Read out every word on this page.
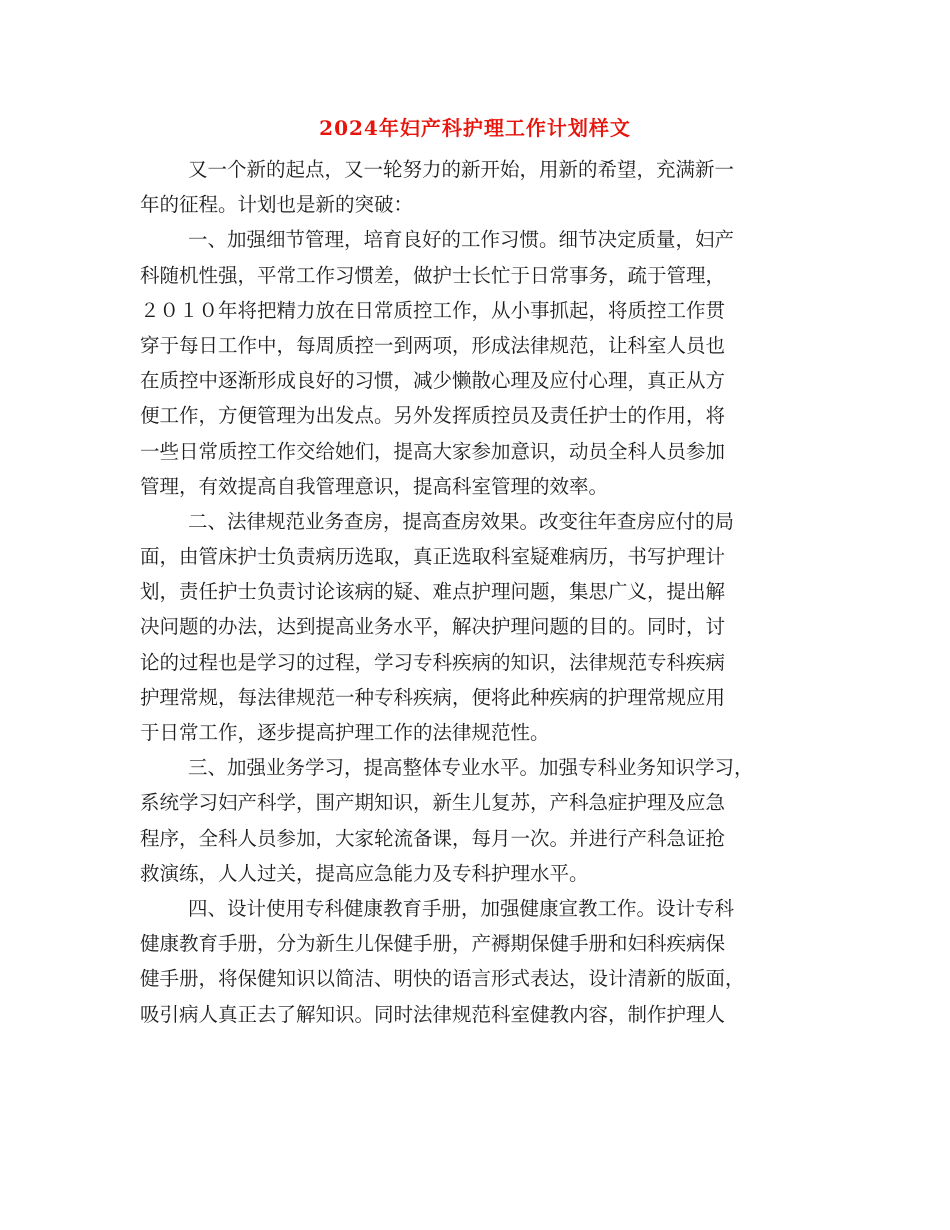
2024年妇产科护理工作计划样文
又一个新的起点，又一轮努力的新开始，用新的希望，充满新一
年的征程。计划也是新的突破：
一、加强细节管理，培育良好的工作习惯。细节决定质量，妇产
科随机性强，平常工作习惯差，做护士长忙于日常事务，疏于管理，
２０１０年将把精力放在日常质控工作，从小事抓起，将质控工作贯
穿于每日工作中，每周质控一到两项，形成法律规范，让科室人员也
在质控中逐渐形成良好的习惯，减少懒散心理及应付心理，真正从方
便工作，方便管理为出发点。另外发挥质控员及责任护士的作用，将
一些日常质控工作交给她们，提高大家参加意识，动员全科人员参加
管理，有效提高自我管理意识，提高科室管理的效率。
二、法律规范业务查房，提高查房效果。改变往年查房应付的局
面，由管床护士负责病历选取，真正选取科室疑难病历，书写护理计
划，责任护士负责讨论该病的疑、难点护理问题，集思广义，提出解
决问题的办法，达到提高业务水平，解决护理问题的目的。同时，讨
论的过程也是学习的过程，学习专科疾病的知识，法律规范专科疾病
护理常规，每法律规范一种专科疾病，便将此种疾病的护理常规应用
于日常工作，逐步提高护理工作的法律规范性。
三、加强业务学习，提高整体专业水平。加强专科业务知识学习，
系统学习妇产科学，围产期知识，新生儿复苏，产科急症护理及应急
程序，全科人员参加，大家轮流备课，每月一次。并进行产科急证抢
救演练，人人过关，提高应急能力及专科护理水平。
四、设计使用专科健康教育手册，加强健康宣教工作。设计专科
健康教育手册，分为新生儿保健手册，产褥期保健手册和妇科疾病保
健手册，将保健知识以简洁、明快的语言形式表达，设计清新的版面，
吸引病人真正去了解知识。同时法律规范科室健教内容，制作护理人
